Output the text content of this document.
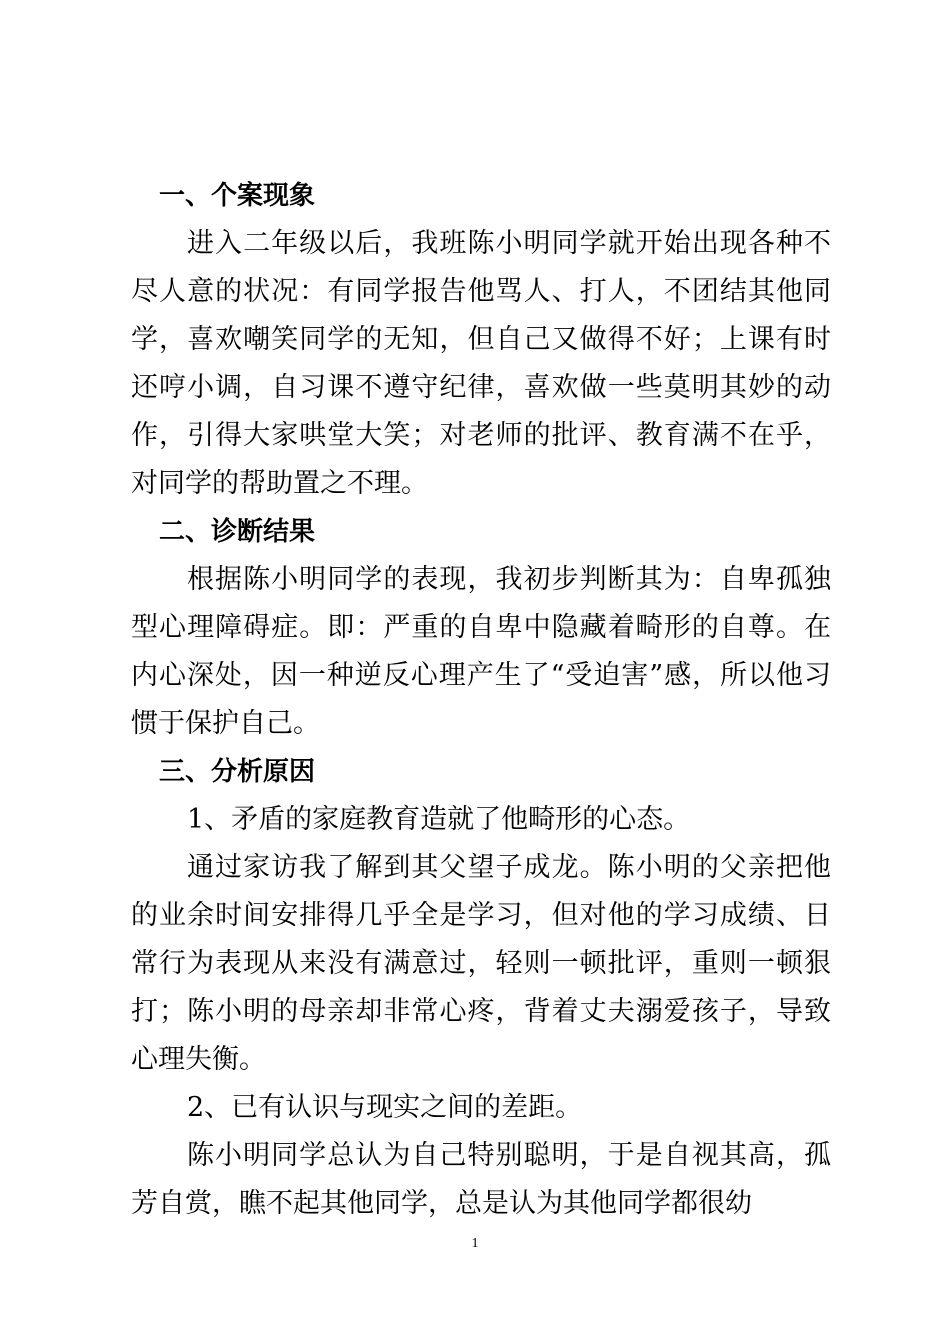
一、个案现象

进入二年级以后，我班陈小明同学就开始出现各种不尽人意的状况：有同学报告他骂人、打人，不团结其他同学，喜欢嘲笑同学的无知，但自己又做得不好；上课有时还哼小调，自习课不遵守纪律，喜欢做一些莫明其妙的动作，引得大家哄堂大笑；对老师的批评、教育满不在乎，对同学的帮助置之不理。

二、诊断结果

根据陈小明同学的表现，我初步判断其为：自卑孤独型心理障碍症。即：严重的自卑中隐藏着畸形的自尊。在内心深处，因一种逆反心理产生了“受迫害”感，所以他习惯于保护自己。

三、分析原因

1、矛盾的家庭教育造就了他畸形的心态。

通过家访我了解到其父望子成龙。陈小明的父亲把他的业余时间安排得几乎全是学习，但对他的学习成绩、日常行为表现从来没有满意过，轻则一顿批评，重则一顿狠打；陈小明的母亲却非常心疼，背着丈夫溺爱孩子，导致心理失衡。

2、已有认识与现实之间的差距。

陈小明同学总认为自己特别聪明，于是自视其高，孤芳自赏，瞧不起其他同学，总是认为其他同学都很幼

1
